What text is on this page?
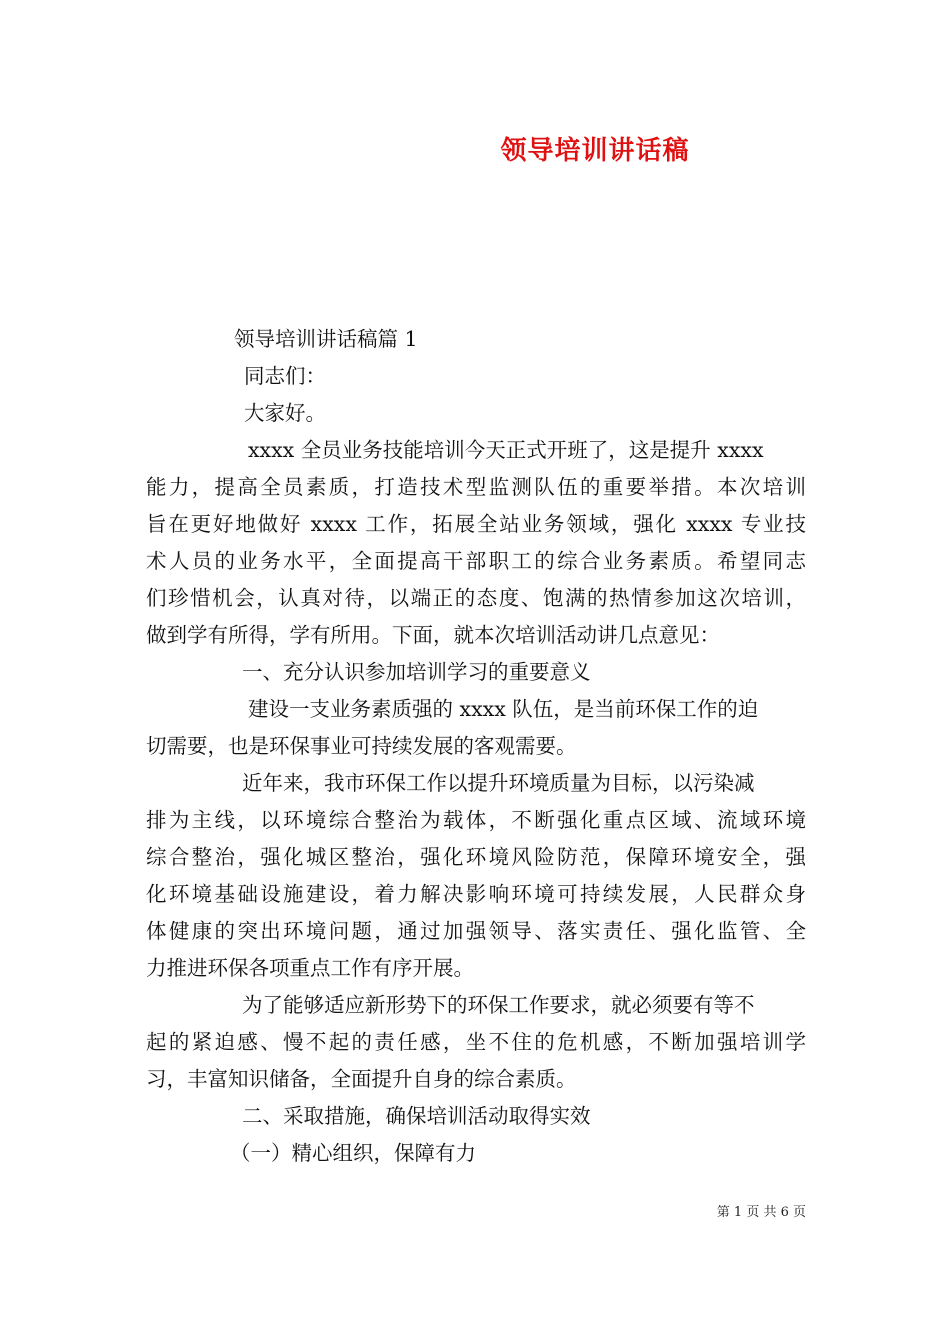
领导培训讲话稿
领导培训讲话稿篇 1
同志们：
大家好。
xxxx 全员业务技能培训今天正式开班了，这是提升 xxxx
能力，提高全员素质，打造技术型监测队伍的重要举措。本次培训
旨在更好地做好 xxxx 工作，拓展全站业务领域，强化 xxxx 专业技
术人员的业务水平，全面提高干部职工的综合业务素质。希望同志
们珍惜机会，认真对待，以端正的态度、饱满的热情参加这次培训，
做到学有所得，学有所用。下面，就本次培训活动讲几点意见：
一、充分认识参加培训学习的重要意义
建设一支业务素质强的 xxxx 队伍，是当前环保工作的迫
切需要，也是环保事业可持续发展的客观需要。
近年来，我市环保工作以提升环境质量为目标，以污染减
排为主线，以环境综合整治为载体，不断强化重点区域、流域环境
综合整治，强化城区整治，强化环境风险防范，保障环境安全，强
化环境基础设施建设，着力解决影响环境可持续发展，人民群众身
体健康的突出环境问题，通过加强领导、落实责任、强化监管、全
力推进环保各项重点工作有序开展。
为了能够适应新形势下的环保工作要求，就必须要有等不
起的紧迫感、慢不起的责任感，坐不住的危机感，不断加强培训学
习，丰富知识储备，全面提升自身的综合素质。
二、采取措施，确保培训活动取得实效
（一）精心组织，保障有力
第 1 页 共 6 页
